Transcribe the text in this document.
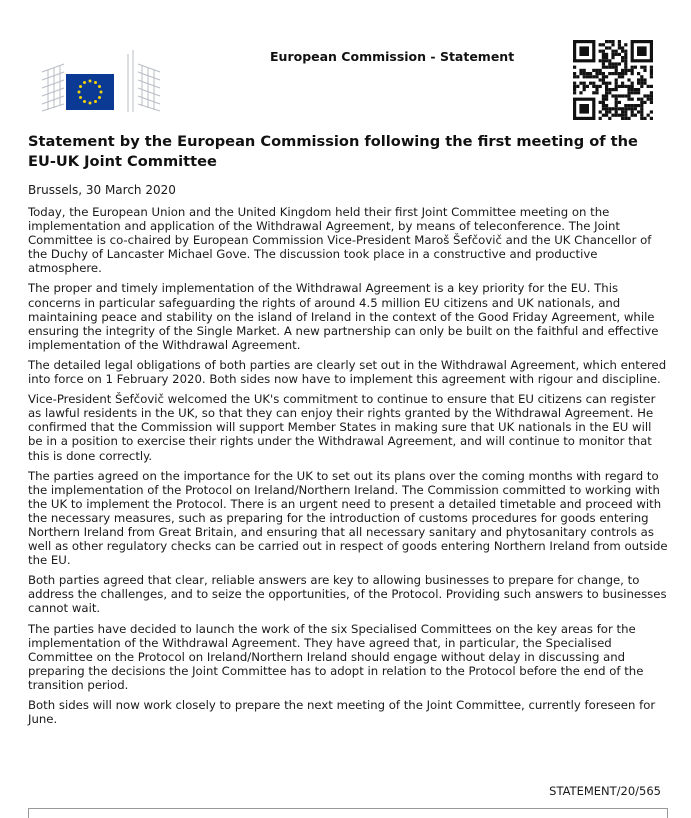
European Commission - Statement
Statement by the European Commission following the first meeting of the EU-UK Joint Committee
Brussels, 30 March 2020

Today, the European Union and the United Kingdom held their first Joint Committee meeting on the implementation and application of the Withdrawal Agreement, by means of teleconference. The Joint Committee is co-chaired by European Commission Vice-President Maroš Šefčovič and the UK Chancellor of the Duchy of Lancaster Michael Gove. The discussion took place in a constructive and productive atmosphere.

The proper and timely implementation of the Withdrawal Agreement is a key priority for the EU. This concerns in particular safeguarding the rights of around 4.5 million EU citizens and UK nationals, and maintaining peace and stability on the island of Ireland in the context of the Good Friday Agreement, while ensuring the integrity of the Single Market. A new partnership can only be built on the faithful and effective implementation of the Withdrawal Agreement.

The detailed legal obligations of both parties are clearly set out in the Withdrawal Agreement, which entered into force on 1 February 2020. Both sides now have to implement this agreement with rigour and discipline.

Vice-President Šefčovič welcomed the UK's commitment to continue to ensure that EU citizens can register as lawful residents in the UK, so that they can enjoy their rights granted by the Withdrawal Agreement. He confirmed that the Commission will support Member States in making sure that UK nationals in the EU will be in a position to exercise their rights under the Withdrawal Agreement, and will continue to monitor that this is done correctly.

The parties agreed on the importance for the UK to set out its plans over the coming months with regard to the implementation of the Protocol on Ireland/Northern Ireland. The Commission committed to working with the UK to implement the Protocol. There is an urgent need to present a detailed timetable and proceed with the necessary measures, such as preparing for the introduction of customs procedures for goods entering Northern Ireland from Great Britain, and ensuring that all necessary sanitary and phytosanitary controls as well as other regulatory checks can be carried out in respect of goods entering Northern Ireland from outside the EU.

Both parties agreed that clear, reliable answers are key to allowing businesses to prepare for change, to address the challenges, and to seize the opportunities, of the Protocol. Providing such answers to businesses cannot wait.

The parties have decided to launch the work of the six Specialised Committees on the key areas for the implementation of the Withdrawal Agreement. They have agreed that, in particular, the Specialised Committee on the Protocol on Ireland/Northern Ireland should engage without delay in discussing and preparing the decisions the Joint Committee has to adopt in relation to the Protocol before the end of the transition period.

Both sides will now work closely to prepare the next meeting of the Joint Committee, currently foreseen for June.

STATEMENT/20/565
